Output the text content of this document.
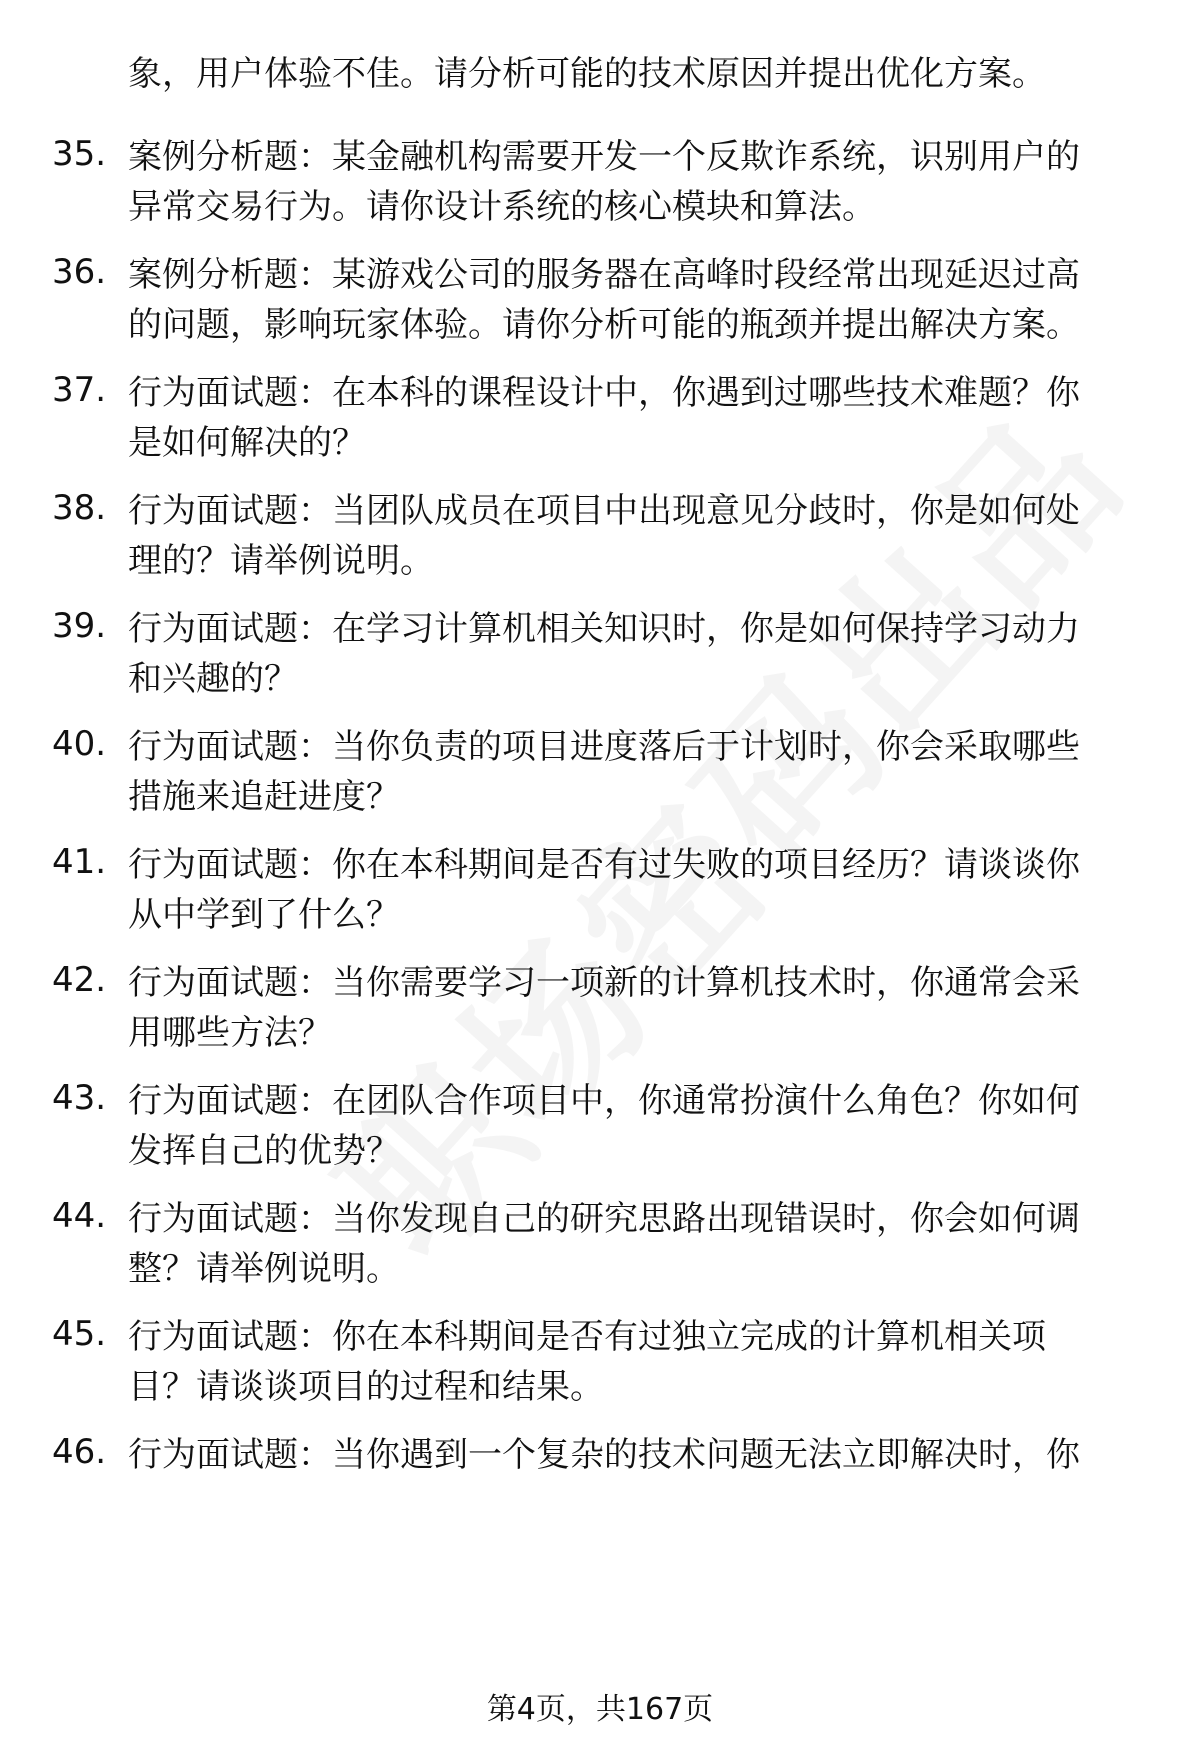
象，用户体验不佳。请分析可能的技术原因并提出优化方案。
35. 案例分析题：某金融机构需要开发一个反欺诈系统，识别用户的
异常交易行为。请你设计系统的核心模块和算法。
36. 案例分析题：某游戏公司的服务器在高峰时段经常出现延迟过高
的问题，影响玩家体验。请你分析可能的瓶颈并提出解决方案。
37. 行为面试题：在本科的课程设计中，你遇到过哪些技术难题？你
是如何解决的？
38. 行为面试题：当团队成员在项目中出现意见分歧时，你是如何处
理的？请举例说明。
39. 行为面试题：在学习计算机相关知识时，你是如何保持学习动力
和兴趣的？
40. 行为面试题：当你负责的项目进度落后于计划时，你会采取哪些
措施来追赶进度？
41. 行为面试题：你在本科期间是否有过失败的项目经历？请谈谈你
从中学到了什么？
42. 行为面试题：当你需要学习一项新的计算机技术时，你通常会采
用哪些方法？
43. 行为面试题：在团队合作项目中，你通常扮演什么角色？你如何
发挥自己的优势？
44. 行为面试题：当你发现自己的研究思路出现错误时，你会如何调
整？请举例说明。
45. 行为面试题：你在本科期间是否有过独立完成的计算机相关项
目？请谈谈项目的过程和结果。
46. 行为面试题：当你遇到一个复杂的技术问题无法立即解决时，你
第4页，共167页
